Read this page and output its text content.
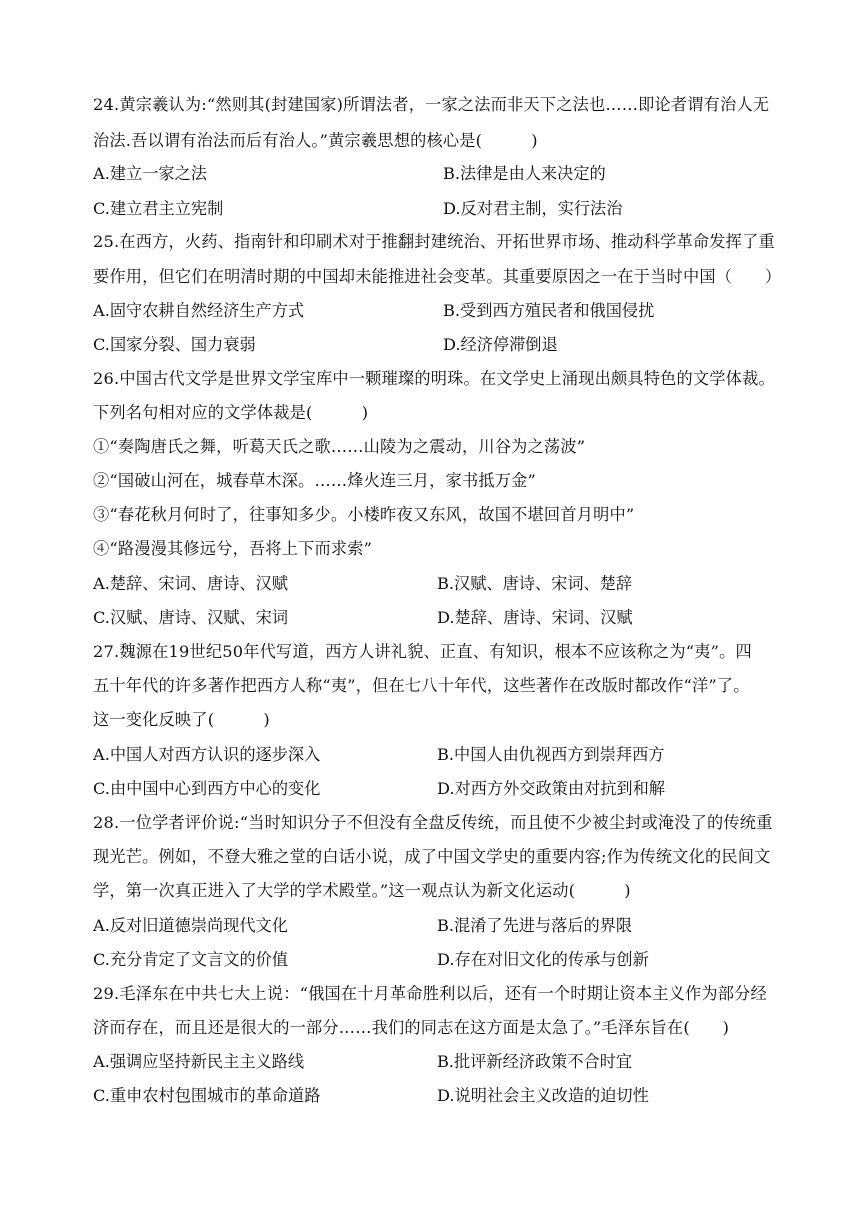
24.黄宗羲认为:“然则其(封建国家)所谓法者，一家之法而非天下之法也……即论者谓有治人无
治法.吾以谓有治法而后有治人。”黄宗羲思想的核心是(　　　)
A.建立一家之法	B.法律是由人来决定的
C.建立君主立宪制	D.反对君主制，实行法治
25.在西方，火药、指南针和印刷术对于推翻封建统治、开拓世界市场、推动科学革命发挥了重
要作用，但它们在明清时期的中国却未能推进社会变革。其重要原因之一在于当时中国（　　）
A.固守农耕自然经济生产方式	B.受到西方殖民者和俄国侵扰
C.国家分裂、国力衰弱	D.经济停滞倒退
26.中国古代文学是世界文学宝库中一颗璀璨的明珠。在文学史上涌现出颇具特色的文学体裁。
下列名句相对应的文学体裁是(　　　)
①“奏陶唐氏之舞，听葛天氏之歌……山陵为之震动，川谷为之荡波”
②“国破山河在，城春草木深。……烽火连三月，家书抵万金”
③“春花秋月何时了，往事知多少。小楼昨夜又东风，故国不堪回首月明中”
④“路漫漫其修远兮，吾将上下而求索”
A.楚辞、宋词、唐诗、汉赋	B.汉赋、唐诗、宋词、楚辞
C.汉赋、唐诗、汉赋、宋词	D.楚辞、唐诗、宋词、汉赋
27.魏源在19世纪50年代写道，西方人讲礼貌、正直、有知识，根本不应该称之为“夷”。四
五十年代的许多著作把西方人称“夷”，但在七八十年代，这些著作在改版时都改作“洋”了。
这一变化反映了(　　　)
A.中国人对西方认识的逐步深入	B.中国人由仇视西方到崇拜西方
C.由中国中心到西方中心的变化	D.对西方外交政策由对抗到和解
28.一位学者评价说:“当时知识分子不但没有全盘反传统，而且使不少被尘封或淹没了的传统重
现光芒。例如，不登大雅之堂的白话小说，成了中国文学史的重要内容;作为传统文化的民间文
学，第一次真正进入了大学的学术殿堂。”这一观点认为新文化运动(　　　)
A.反对旧道德崇尚现代文化	B.混淆了先进与落后的界限
C.充分肯定了文言文的价值	D.存在对旧文化的传承与创新
29.毛泽东在中共七大上说：“俄国在十月革命胜利以后，还有一个时期让资本主义作为部分经
济而存在，而且还是很大的一部分……我们的同志在这方面是太急了。”毛泽东旨在(　　)
A.强调应坚持新民主主义路线	B.批评新经济政策不合时宜
C.重申农村包围城市的革命道路	D.说明社会主义改造的迫切性
